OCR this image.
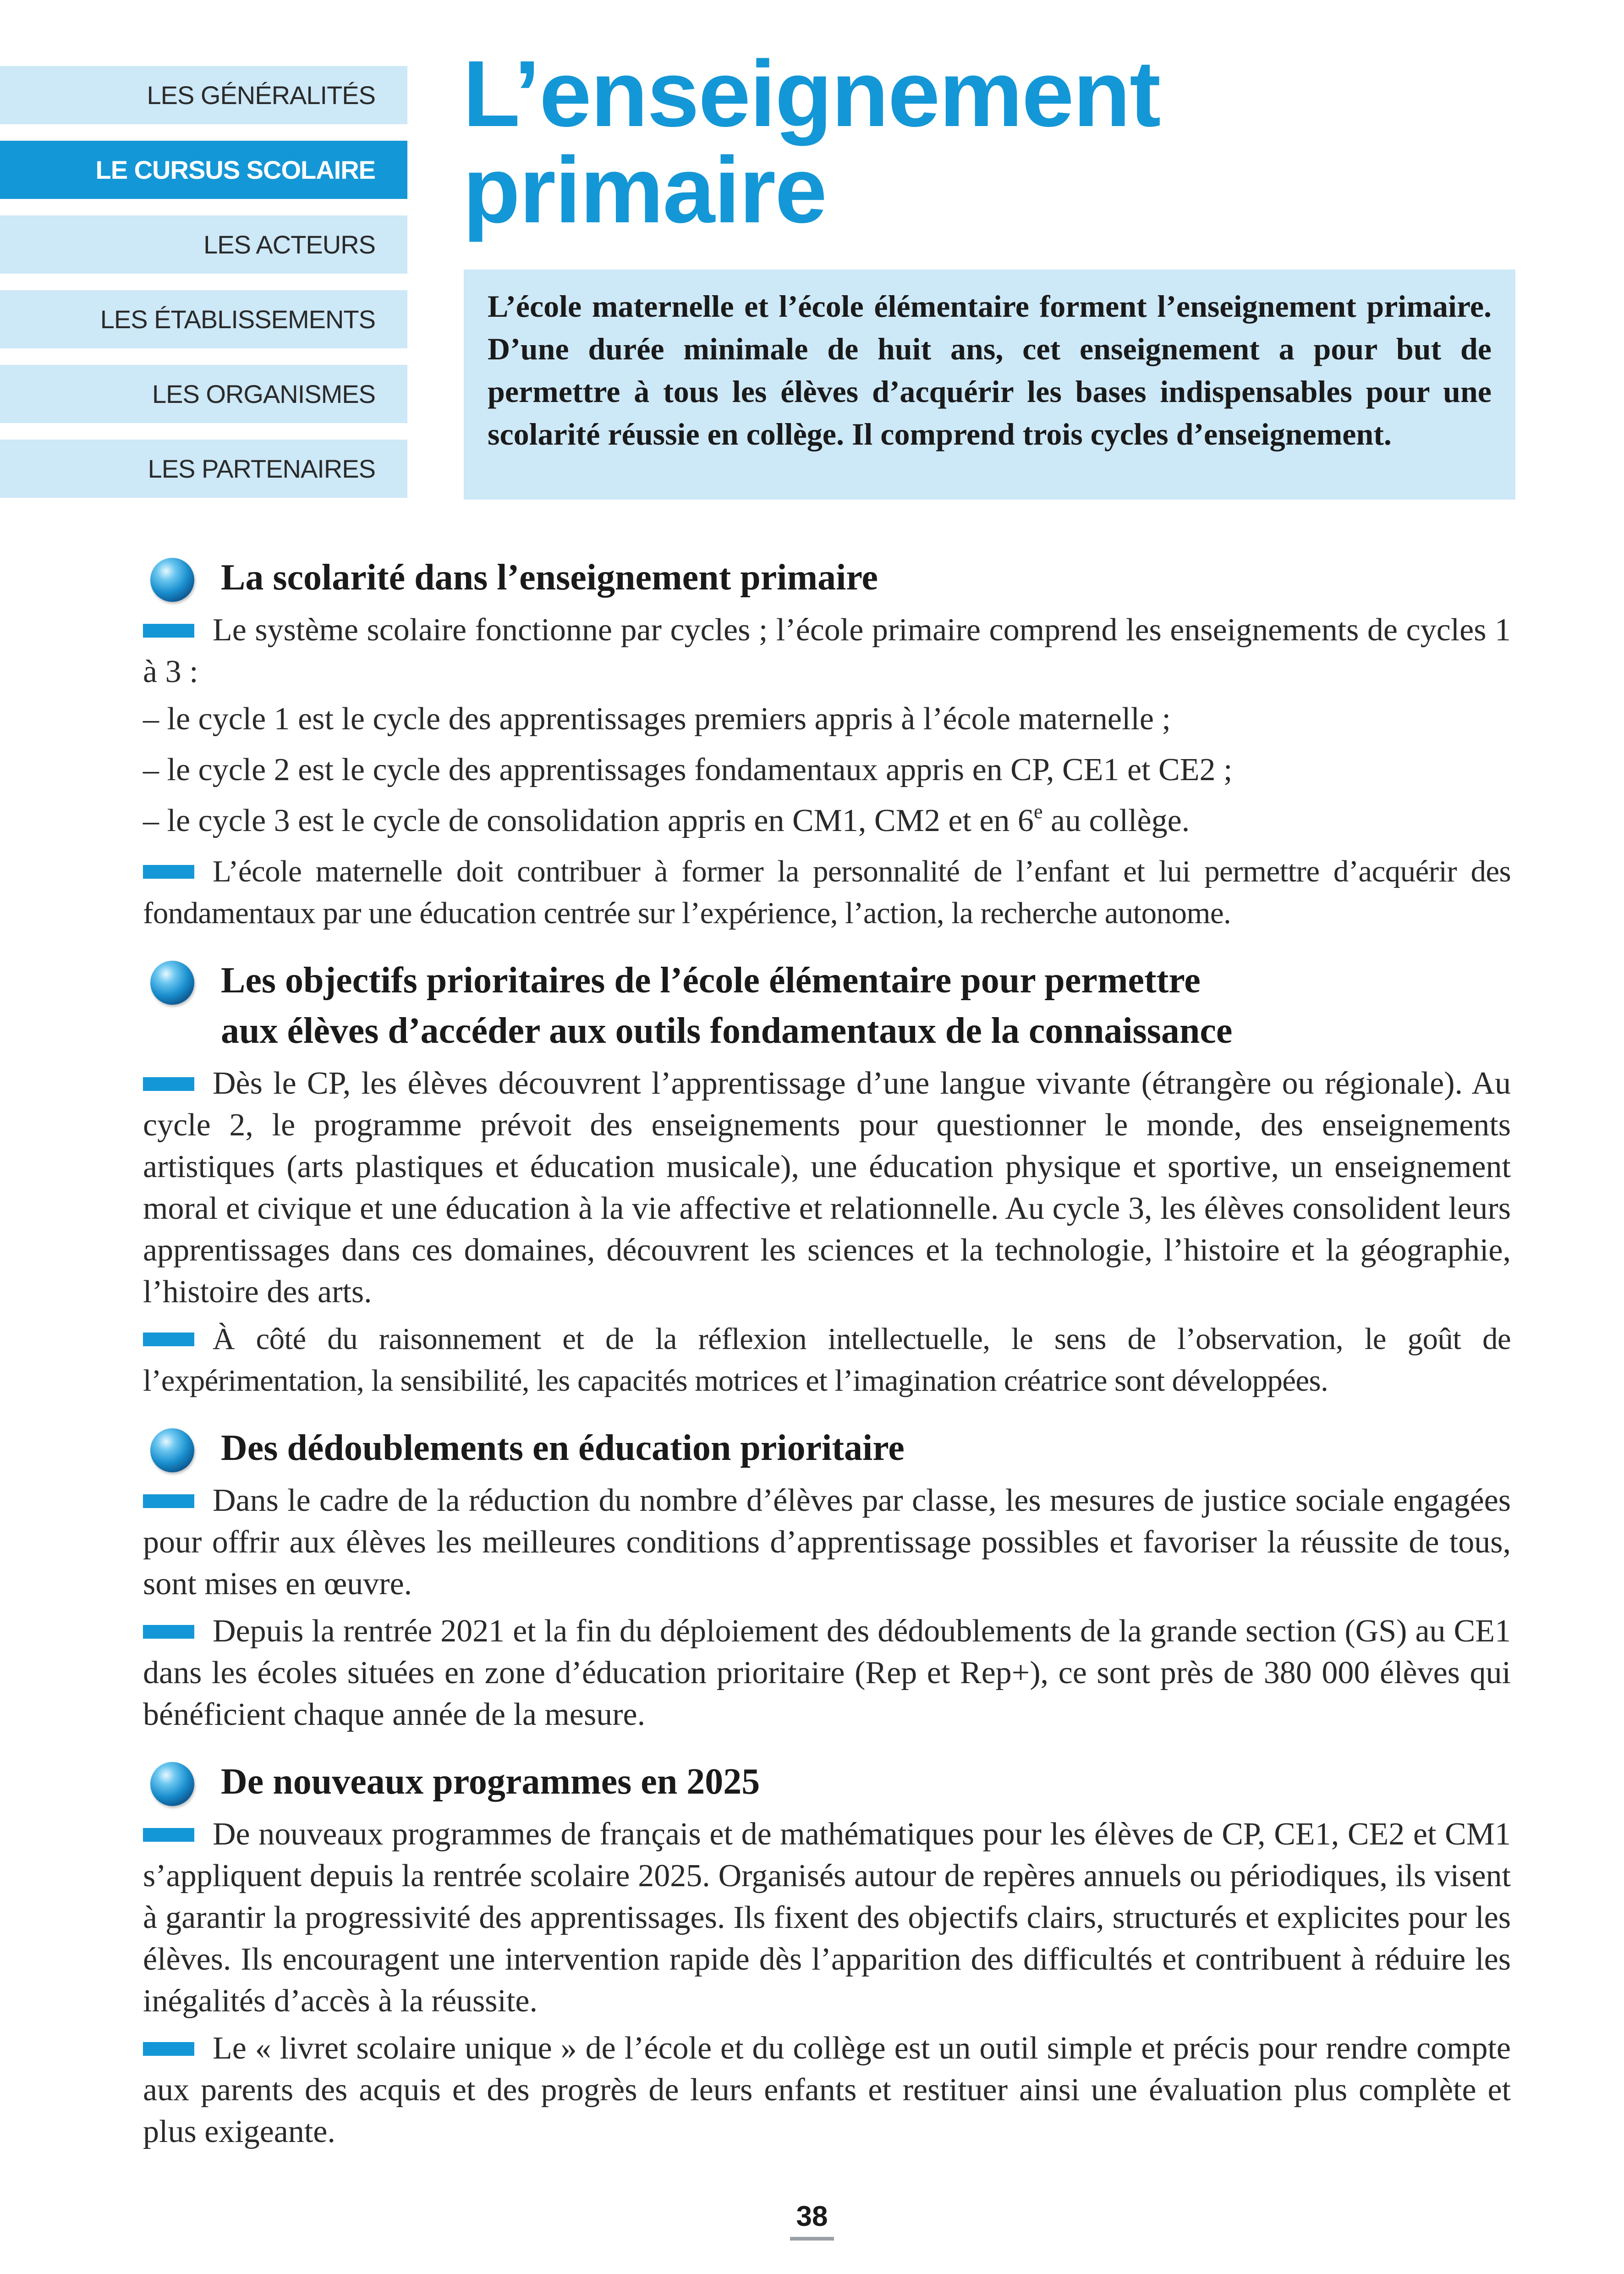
LES GÉNÉRALITÉS
LE CURSUS SCOLAIRE
LES ACTEURS
LES ÉTABLISSEMENTS
LES ORGANISMES
LES PARTENAIRES
L’enseignement
primaire

L’école maternelle et l’école élémentaire forment l’enseignement primaire. D’une durée minimale de huit ans, cet enseignement a pour but de permettre à tous les élèves d’acquérir les bases indispensables pour une scolarité réussie en collège. Il comprend trois cycles d’enseignement.

La scolarité dans l’enseignement primaire

Le système scolaire fonctionne par cycles ; l’école primaire comprend les enseignements de cycles 1 à 3 :

– le cycle 1 est le cycle des apprentissages premiers appris à l’école maternelle ;
– le cycle 2 est le cycle des apprentissages fondamentaux appris en CP, CE1 et CE2 ;
– le cycle 3 est le cycle de consolidation appris en CM1, CM2 et en 6e au collège.

L’école maternelle doit contribuer à former la personnalité de l’enfant et lui permettre d’acquérir des fondamentaux par une éducation centrée sur l’expérience, l’action, la recherche autonome.

Les objectifs prioritaires de l’école élémentaire pour permettre
aux élèves d’accéder aux outils fondamentaux de la connaissance

Dès le CP, les élèves découvrent l’apprentissage d’une langue vivante (étrangère ou régionale). Au cycle 2, le programme prévoit des enseignements pour questionner le monde, des enseignements artistiques (arts plastiques et éducation musicale), une éducation physique et sportive, un enseignement moral et civique et une éducation à la vie affective et relationnelle. Au cycle 3, les élèves consolident leurs apprentissages dans ces domaines, découvrent les sciences et la technologie, l’histoire et la géographie, l’histoire des arts.

À côté du raisonnement et de la réflexion intellectuelle, le sens de l’observation, le goût de l’expérimentation, la sensibilité, les capacités motrices et l’imagination créatrice sont développées.

Des dédoublements en éducation prioritaire

Dans le cadre de la réduction du nombre d’élèves par classe, les mesures de justice sociale engagées pour offrir aux élèves les meilleures conditions d’apprentissage possibles et favoriser la réussite de tous, sont mises en œuvre.

Depuis la rentrée 2021 et la fin du déploiement des dédoublements de la grande section (GS) au CE1 dans les écoles situées en zone d’éducation prioritaire (Rep et Rep+), ce sont près de 380 000 élèves qui bénéficient chaque année de la mesure.

De nouveaux programmes en 2025

De nouveaux programmes de français et de mathématiques pour les élèves de CP, CE1, CE2 et CM1 s’appliquent depuis la rentrée scolaire 2025. Organisés autour de repères annuels ou périodiques, ils visent à garantir la progressivité des apprentissages. Ils fixent des objectifs clairs, structurés et explicites pour les élèves. Ils encouragent une intervention rapide dès l’apparition des difficultés et contribuent à réduire les inégalités d’accès à la réussite.

Le « livret scolaire unique » de l’école et du collège est un outil simple et précis pour rendre compte aux parents des acquis et des progrès de leurs enfants et restituer ainsi une évaluation plus complète et plus exigeante.

38
